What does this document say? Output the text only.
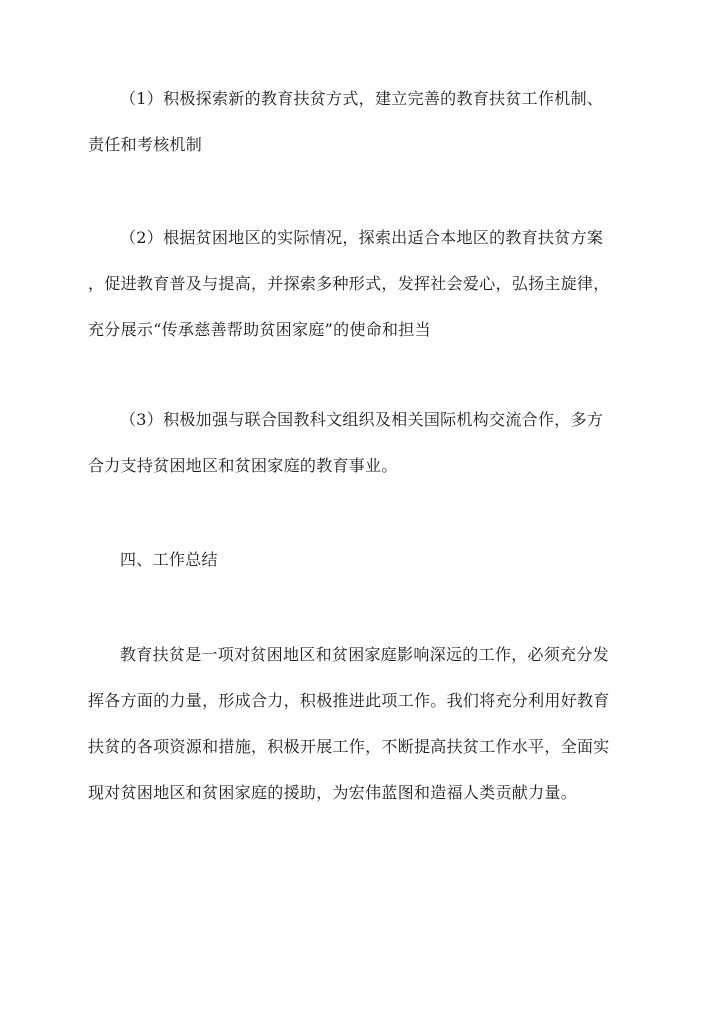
（1）积极探索新的教育扶贫方式，建立完善的教育扶贫工作机制、
责任和考核机制

（2）根据贫困地区的实际情况，探索出适合本地区的教育扶贫方案
，促进教育普及与提高，并探索多种形式，发挥社会爱心，弘扬主旋律，
充分展示“传承慈善帮助贫困家庭”的使命和担当

（3）积极加强与联合国教科文组织及相关国际机构交流合作，多方
合力支持贫困地区和贫困家庭的教育事业。

四、工作总结

教育扶贫是一项对贫困地区和贫困家庭影响深远的工作，必须充分发
挥各方面的力量，形成合力，积极推进此项工作。我们将充分利用好教育
扶贫的各项资源和措施，积极开展工作，不断提高扶贫工作水平，全面实
现对贫困地区和贫困家庭的援助，为宏伟蓝图和造福人类贡献力量。
